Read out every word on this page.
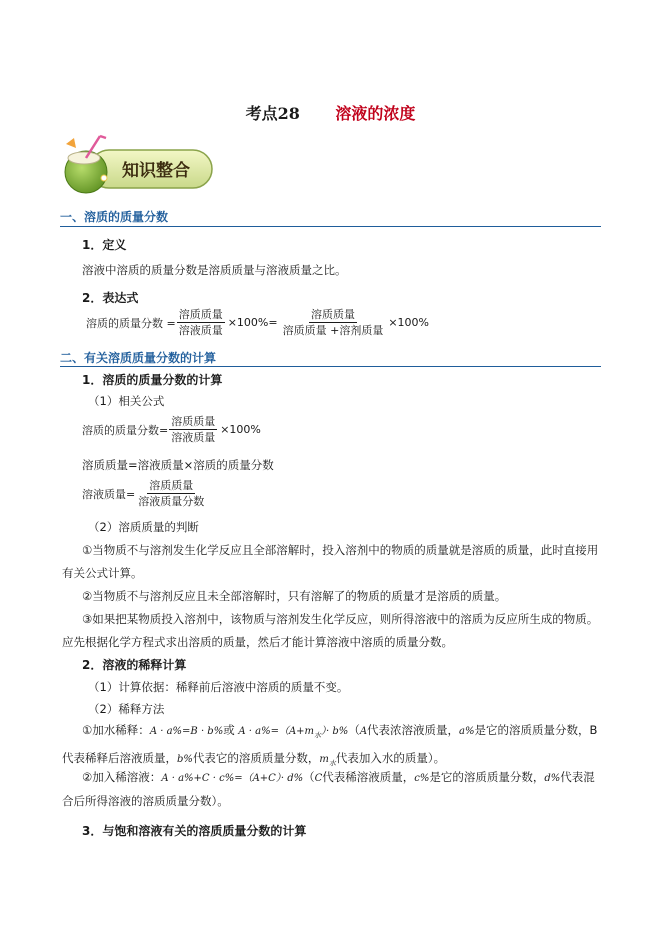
考点28 溶液的浓度
知识整合
一、溶质的质量分数
1．定义
溶液中溶质的质量分数是溶质质量与溶液质量之比。
2．表达式
溶质的质量分数 = $\frac{\text{溶质质量}}{\text{溶液质量}} \times 100\%= \frac{\text{溶质质量}}{\text{溶质质量 +溶剂质量}} \times 100\%$
二、有关溶质质量分数的计算
1．溶质的质量分数的计算
（1）相关公式
溶质的质量分数= $\frac{\text{溶质质量}}{\text{溶液质量}} \times 100\%$
溶质质量=溶液质量×溶质的质量分数
溶液质量= $\frac{\text{溶质质量}}{\text{溶液质量分数}}$
（2）溶质质量的判断
①当物质不与溶剂发生化学反应且全部溶解时，投入溶剂中的物质的质量就是溶质的质量，此时直接用有关公式计算。
②当物质不与溶剂反应且未全部溶解时，只有溶解了的物质的质量才是溶质的质量。
③如果把某物质投入溶剂中，该物质与溶剂发生化学反应，则所得溶液中的溶质为反应所生成的物质。应先根据化学方程式求出溶质的质量，然后才能计算溶液中溶质的质量分数。
2．溶液的稀释计算
（1）计算依据：稀释前后溶液中溶质的质量不变。
（2）稀释方法
①加水稀释：A · a%=B · b%或 $A \cdot a\%=(A+m_水)\cdot b\%(A$代表浓溶液质量，a%是它的溶质质量分数，B 代表稀释后溶液质量，b%代表它的溶质质量分数，$m_水$代表加入水的质量）。
②加入稀溶液：A · a%+C · c%=（A+C）· d%（C代表稀溶液质量，c%是它的溶质质量分数，d%代表混合后所得溶液的溶质质量分数）。
3．与饱和溶液有关的溶质质量分数的计算
